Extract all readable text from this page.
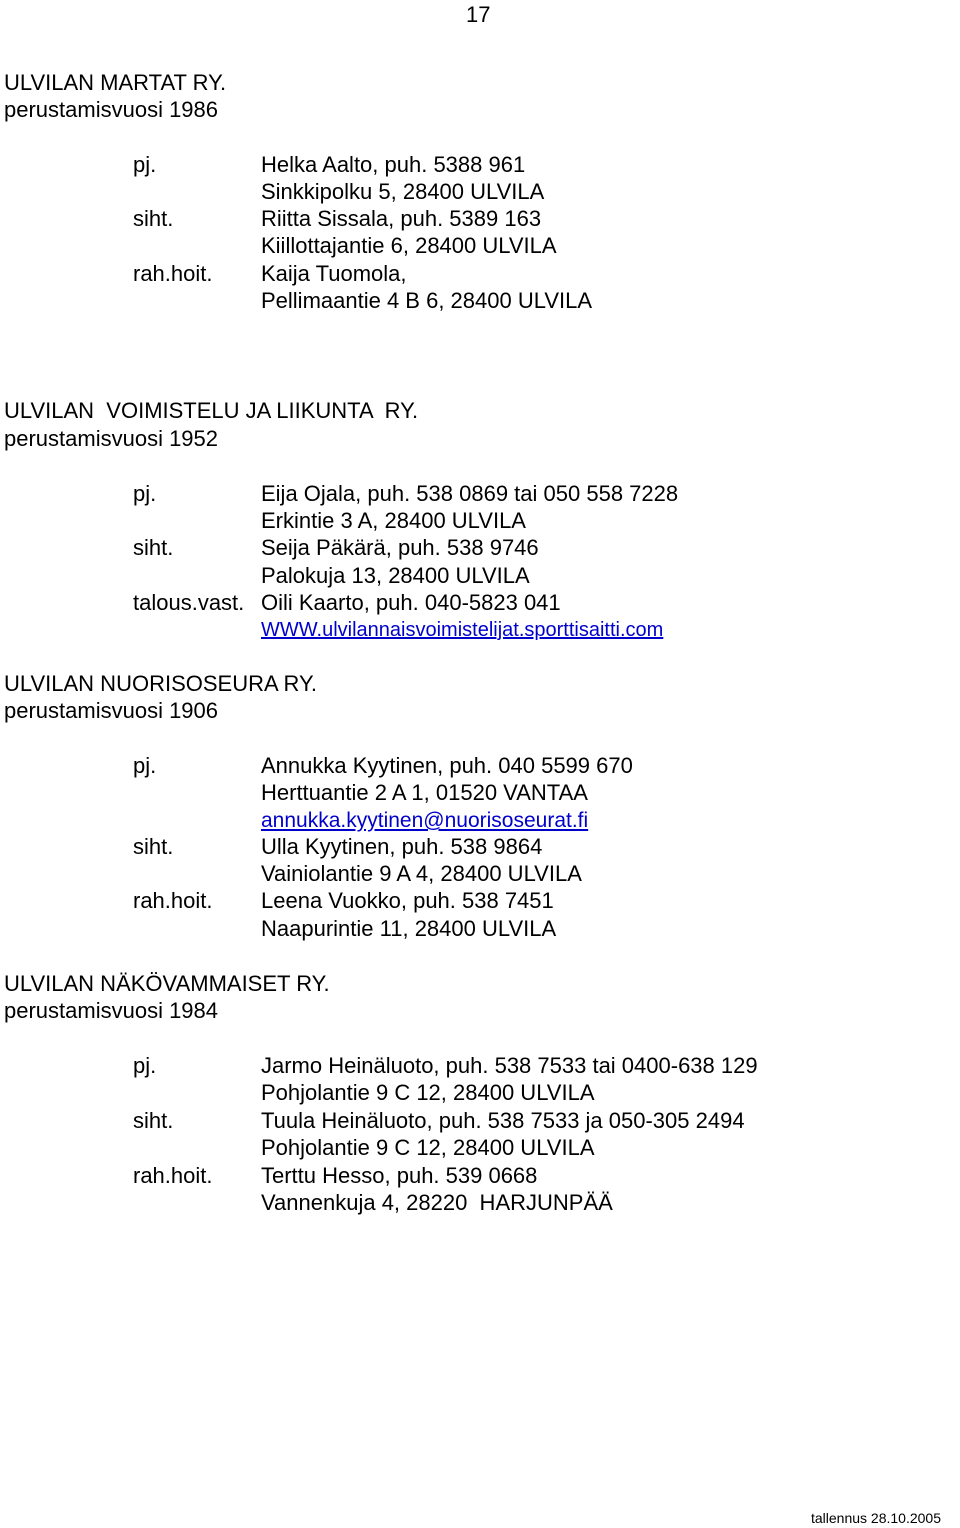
17
ULVILAN MARTAT RY.
perustamisvuosi 1986
pj.	Helka Aalto, puh. 5388 961
Sinkkipolku 5, 28400 ULVILA
siht.	Riitta Sissala, puh. 5389 163
Kiillottajantie 6, 28400 ULVILA
rah.hoit. Kaija Tuomola,
Pellimaantie 4 B 6, 28400 ULVILA
ULVILAN  VOIMISTELU JA LIIKUNTA  RY.
perustamisvuosi 1952
pj.	Eija Ojala, puh. 538 0869 tai 050 558 7228
Erkintie 3 A, 28400 ULVILA
siht.	Seija Päkärä, puh. 538 9746
Palokuja 13, 28400 ULVILA
talous.vast. Oili Kaarto, puh. 040-5823 041
WWW.ulvilannaisvoimistelijat.sporttisaitti.com
ULVILAN NUORISOSEURA RY.
perustamisvuosi 1906
pj.	Annukka Kyytinen, puh. 040 5599 670
Herttuantie 2 A 1, 01520 VANTAA
annukka.kyytinen@nuorisoseurat.fi
siht.	Ulla Kyytinen, puh. 538 9864
Vainiolantie 9 A 4, 28400 ULVILA
rah.hoit. Leena Vuokko, puh. 538 7451
Naapurintie 11, 28400 ULVILA
ULVILAN NÄKÖVAMMAISET RY.
perustamisvuosi 1984
pj.	Jarmo Heinäluoto, puh. 538 7533 tai 0400-638 129
Pohjolantie 9 C 12, 28400 ULVILA
siht.	Tuula Heinäluoto, puh. 538 7533 ja 050-305 2494
Pohjolantie 9 C 12, 28400 ULVILA
rah.hoit. Terttu Hesso, puh. 539 0668
Vannenkuja 4, 28220  HARJUNPÄÄ
tallennus 28.10.2005
